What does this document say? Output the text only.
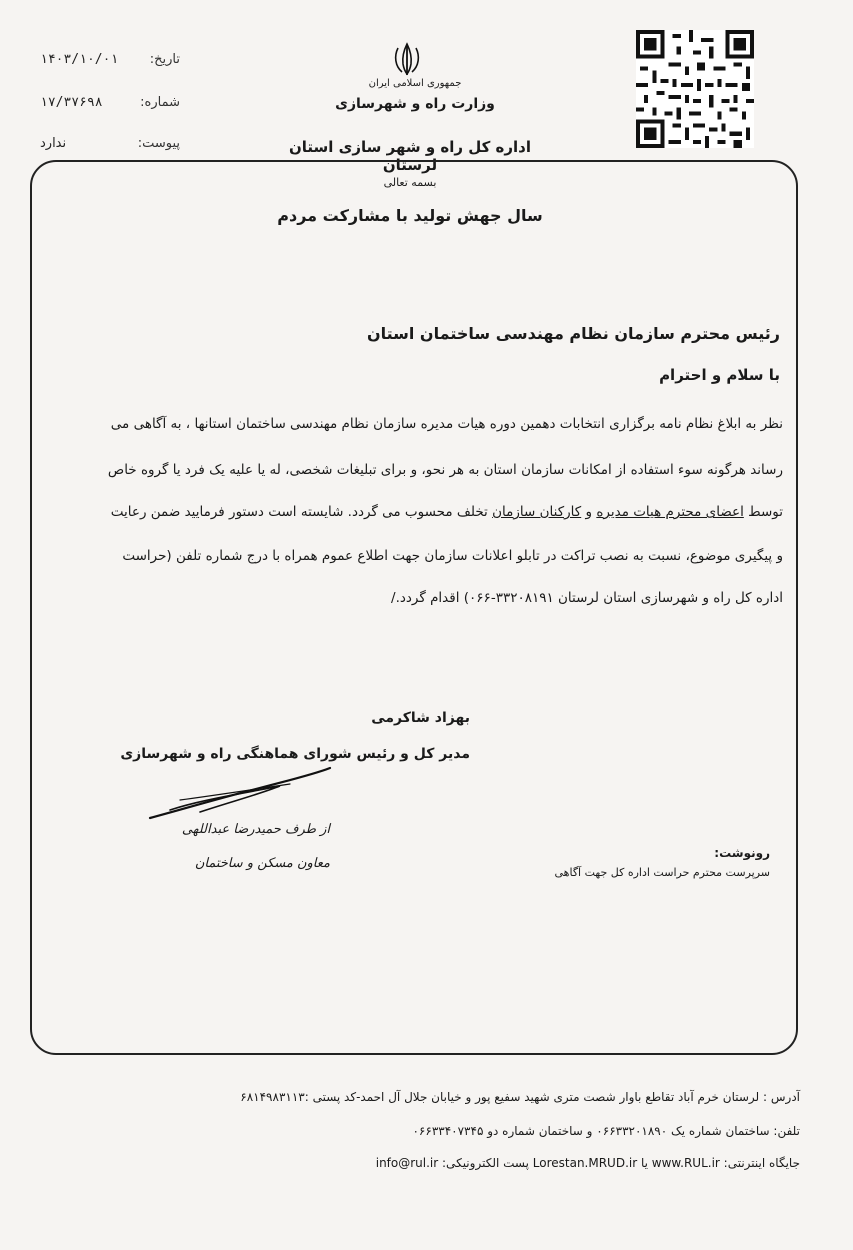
تاریخ:
۱۴۰۳/۱۰/۰۱
شماره:
۱۷/۳۷۶۹۸
پیوست:
ندارد
جمهوری اسلامی ایران
وزارت راه و شهرسازی
اداره کل راه و شهر سازی استان لرستان
بسمه تعالی
سال جهش تولید با مشارکت مردم
رئیس محترم سازمان نظام مهندسی ساختمان استان
با سلام و احترام
نظر به ابلاغ نظام نامه برگزاری انتخابات دهمین دوره هیات مدیره سازمان نظام مهندسی ساختمان استانها ، به آگاهی می
رساند هرگونه سوء استفاده از امکانات سازمان استان به هر نحو، و برای تبلیغات شخصی، له یا علیه یک فرد یا گروه خاص
توسط اعضای محترم هیات مدیره و کارکنان سازمان تخلف محسوب می گردد. شایسته است دستور فرمایید ضمن رعایت
و پیگیری موضوع، نسبت به نصب تراکت در تابلو اعلانات سازمان جهت اطلاع عموم همراه با درج شماره تلفن (حراست
اداره کل راه و شهرسازی استان لرستان ۳۳۲۰۸۱۹۱-۰۶۶) اقدام گردد./
بهزاد شاکرمی
مدیر کل و رئیس شورای هماهنگی راه و شهرسازی
از طرف حمیدرضا عبداللهی
معاون مسکن و ساختمان
رونوشت:
سرپرست محترم حراست اداره کل جهت آگاهی
آدرس : لرستان خرم آباد تقاطع باوار شصت متری شهید سفیع پور و خیابان جلال آل احمد-کد پستی :۶۸۱۴۹۸۳۱۱۳
تلفن: ساختمان شماره یک ۰۶۶۳۳۲۰۱۸۹۰ و ساختمان شماره دو ۰۶۶۳۳۴۰۷۳۴۵
جایگاه اینترنتی: www.RUL.ir یا Lorestan.MRUD.ir پست الکترونیکی: info@rul.ir
